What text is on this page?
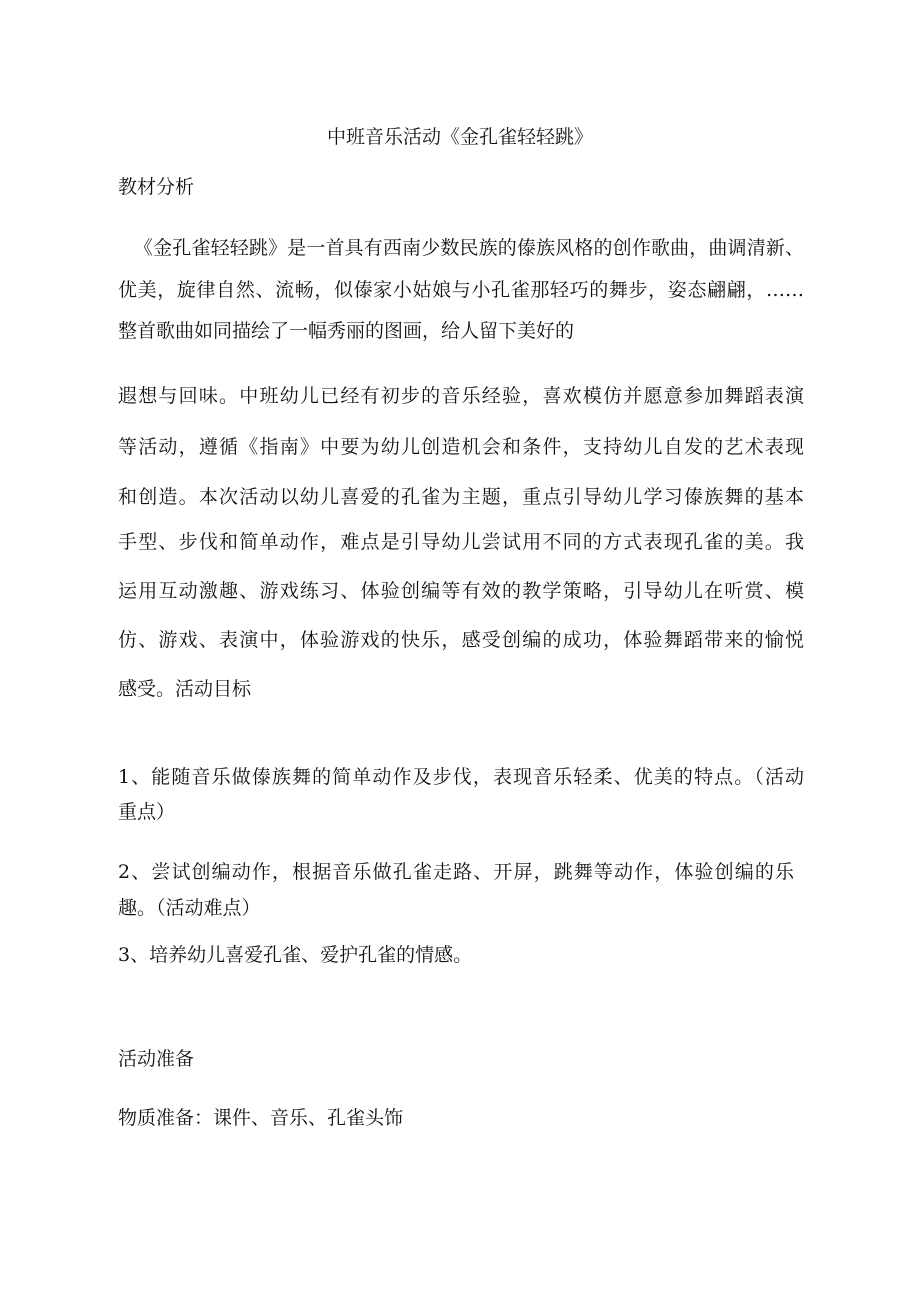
中班音乐活动《金孔雀轻轻跳》
教材分析
《金孔雀轻轻跳》是一首具有西南少数民族的傣族风格的创作歌曲，曲调清新、
优美，旋律自然、流畅，似傣家小姑娘与小孔雀那轻巧的舞步，姿态翩翩，……
整首歌曲如同描绘了一幅秀丽的图画，给人留下美好的
遐想与回味。中班幼儿已经有初步的音乐经验，喜欢模仿并愿意参加舞蹈表演
等活动，遵循《指南》中要为幼儿创造机会和条件，支持幼儿自发的艺术表现
和创造。本次活动以幼儿喜爱的孔雀为主题，重点引导幼儿学习傣族舞的基本
手型、步伐和简单动作，难点是引导幼儿尝试用不同的方式表现孔雀的美。我
运用互动激趣、游戏练习、体验创编等有效的教学策略，引导幼儿在听赏、模
仿、游戏、表演中，体验游戏的快乐，感受创编的成功，体验舞蹈带来的愉悦
感受。活动目标
1、能随音乐做傣族舞的简单动作及步伐，表现音乐轻柔、优美的特点。（活动
重点）
2、尝试创编动作，根据音乐做孔雀走路、开屏，跳舞等动作，体验创编的乐
趣。（活动难点）
3、培养幼儿喜爱孔雀、爱护孔雀的情感。
活动准备
物质准备：课件、音乐、孔雀头饰
